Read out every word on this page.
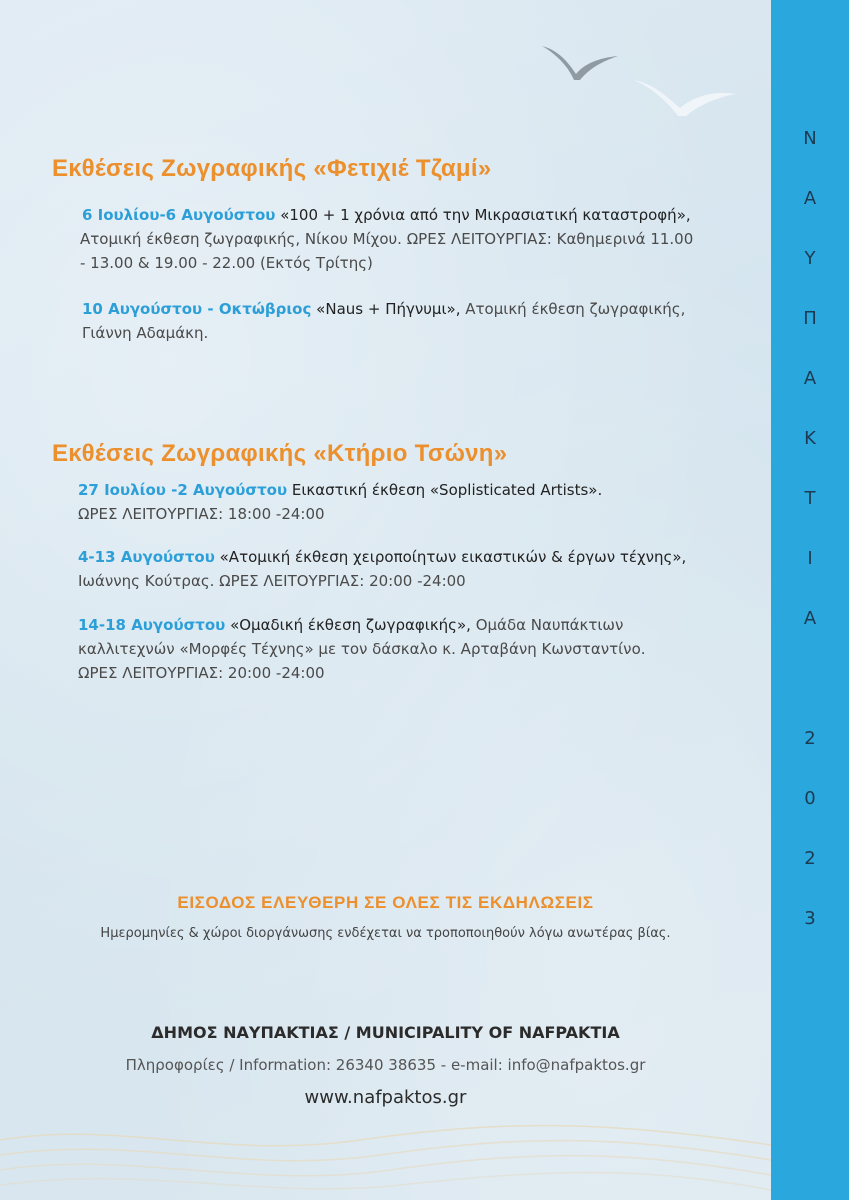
Ν
Α
Υ
Π
Α
Κ
Τ
Ι
Α
2
0
2
3
Εκθέσεις Ζωγραφικής «Φετιχιέ Τζαμί»
6 Ιουλίου-6 Αυγούστου «100 + 1 χρόνια από την Μικρασιατική καταστροφή»,
Ατομική έκθεση ζωγραφικής, Νίκου Μίχου. ΩΡΕΣ ΛΕΙΤΟΥΡΓΙΑΣ: Καθημερινά 11.00
- 13.00 & 19.00 - 22.00 (Εκτός Τρίτης)
10 Αυγούστου - Οκτώβριος «Naus + Πήγνυμι», Ατομική έκθεση ζωγραφικής,
Γιάννη Αδαμάκη.
Εκθέσεις Ζωγραφικής «Κτήριο Τσώνη»
27 Ιουλίου -2 Αυγούστου Εικαστική έκθεση «Soplisticated Artists».
ΩΡΕΣ ΛΕΙΤΟΥΡΓΙΑΣ: 18:00 -24:00
4-13 Αυγούστου «Ατομική έκθεση χειροποίητων εικαστικών & έργων τέχνης»,
Ιωάννης Κούτρας. ΩΡΕΣ ΛΕΙΤΟΥΡΓΙΑΣ: 20:00 -24:00
14-18 Αυγούστου «Ομαδική έκθεση ζωγραφικής», Ομάδα Ναυπάκτιων
καλλιτεχνών «Μορφές Τέχνης» με τον δάσκαλο κ. Αρταβάνη Κωνσταντίνο.
ΩΡΕΣ ΛΕΙΤΟΥΡΓΙΑΣ: 20:00 -24:00
ΕΙΣΟΔΟΣ ΕΛΕΥΘΕΡΗ ΣΕ ΟΛΕΣ ΤΙΣ ΕΚΔΗΛΩΣΕΙΣ
Ημερομηνίες & χώροι διοργάνωσης ενδέχεται να τροποποιηθούν λόγω ανωτέρας βίας.
ΔΗΜΟΣ ΝΑΥΠΑΚΤΙΑΣ / MUNICIPALITY OF NAFPAKTIA
Πληροφορίες / Information: 26340 38635 - e-mail: info@nafpaktos.gr
www.nafpaktos.gr
